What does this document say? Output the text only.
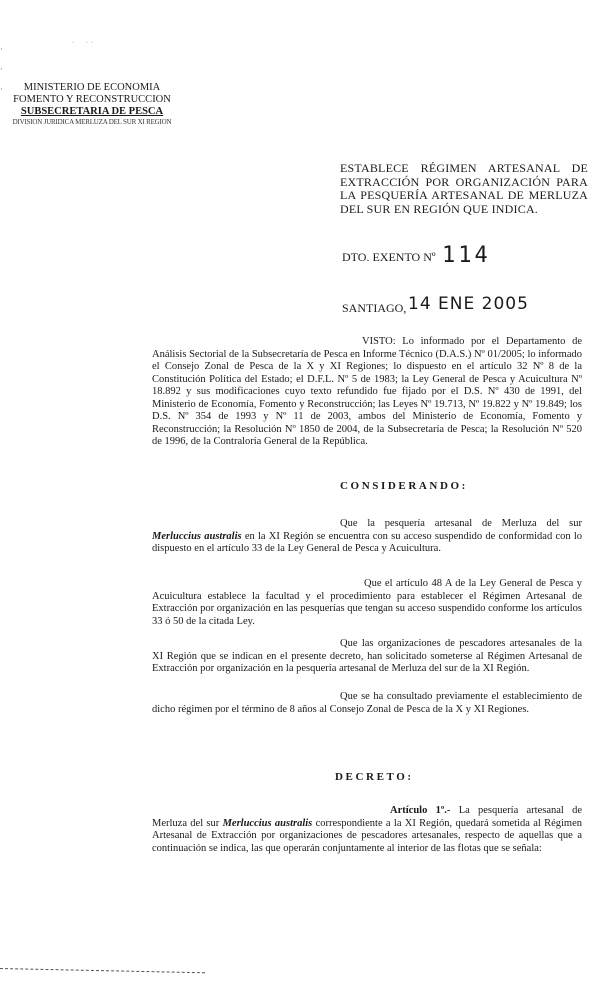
·
·
·
·        ·  ·
MINISTERIO DE ECONOMIA
FOMENTO Y RECONSTRUCCION
SUBSECRETARIA DE PESCA
DIVISION JURIDICA MERLUZA DEL SUR XI REGION
ESTABLECE RÉGIMEN ARTESANAL DE EXTRACCIÓN POR ORGANIZACIÓN PARA LA PESQUERÍA ARTESANAL DE MERLUZA DEL SUR EN REGIÓN QUE INDICA.
DTO. EXENTO Nº 114
SANTIAGO, 14 ENE 2005
VISTO: Lo informado por el Departamento de Análisis Sectorial de la Subsecretaría de Pesca en Informe Técnico (D.A.S.) Nº 01/2005; lo informado el Consejo Zonal de Pesca de la X y XI Regiones; lo dispuesto en el artículo 32 Nº 8 de la Constitución Política del Estado; el D.F.L. Nº 5 de 1983; la Ley General de Pesca y Acuicultura Nº 18.892 y sus modificaciones cuyo texto refundido fue fijado por el D.S. Nº 430 de 1991, del Ministerio de Economía, Fomento y Reconstrucción; las Leyes Nº 19.713, Nº 19.822 y Nº 19.849; los D.S. Nº 354 de 1993 y Nº 11 de 2003, ambos del Ministerio de Economía, Fomento y Reconstrucción; la Resolución Nº 1850 de 2004, de la Subsecretaría de Pesca; la Resolución Nº 520 de 1996, de la Contraloría General de la República.
CONSIDERANDO:
Que la pesquería artesanal de Merluza del sur Merluccius australis en la XI Región se encuentra con su acceso suspendido de conformidad con lo dispuesto en el artículo 33 de la Ley General de Pesca y Acuicultura.
Que el artículo 48 A de la Ley General de Pesca y Acuicultura establece la facultad y el procedimiento para establecer el Régimen Artesanal de Extracción por organización en las pesquerías que tengan su acceso suspendido conforme los artículos 33 ó 50 de la citada Ley.
Que las organizaciones de pescadores artesanales de la XI Región que se indican en el presente decreto, han solicitado someterse al Régimen Artesanal de Extracción por organización en la pesquería artesanal de Merluza del sur de la XI Región.
Que se ha consultado previamente el establecimiento de dicho régimen por el término de 8 años al Consejo Zonal de Pesca de la X y XI Regiones.
DECRETO:
Artículo 1º.- La pesquería artesanal de Merluza del sur Merluccius australis correspondiente a la XI Región, quedará sometida al Régimen Artesanal de Extracción por organizaciones de pescadores artesanales, respecto de aquellas que a continuación se indica, las que operarán conjuntamente al interior de las flotas que se señala:
